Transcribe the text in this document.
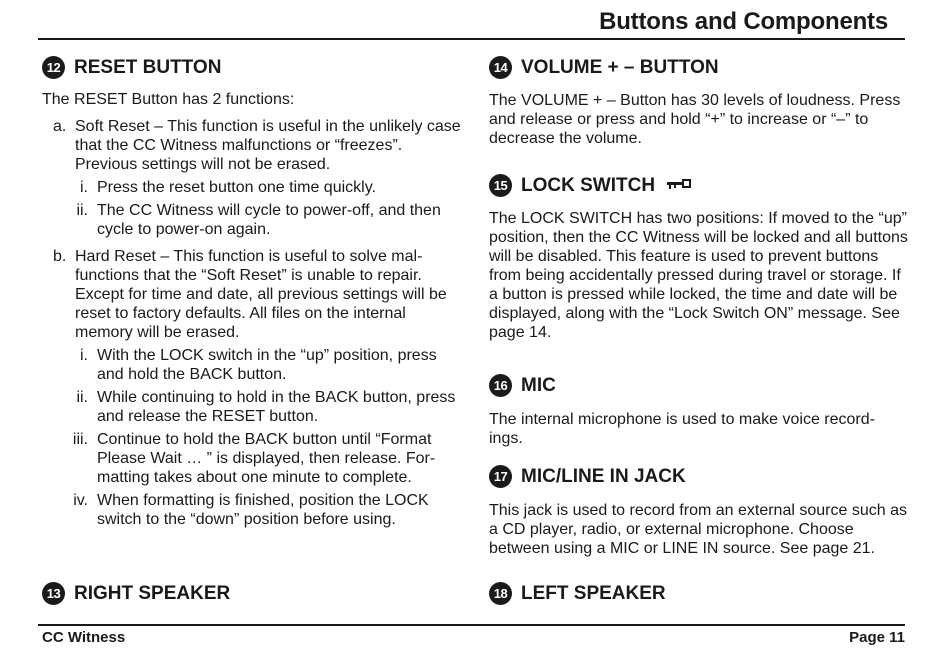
Buttons and Components
12 RESET BUTTON
The RESET Button has 2 functions:
a. Soft Reset – This function is useful in the unlikely case that the CC Witness malfunctions or “freezes”. Previous settings will not be erased.
i. Press the reset button one time quickly.
ii. The CC Witness will cycle to power-off, and then cycle to power-on again.
b. Hard Reset – This function is useful to solve mal-functions that the “Soft Reset” is unable to repair. Except for time and date, all previous settings will be reset to factory defaults. All files on the internal memory will be erased.
i. With the LOCK switch in the “up” position, press and hold the BACK button.
ii. While continuing to hold in the BACK button, press and release the RESET button.
iii. Continue to hold the BACK button until “Format Please Wait … ” is displayed, then release. For-matting takes about one minute to complete.
iv. When formatting is finished, position the LOCK switch to the “down” position before using.
13 RIGHT SPEAKER
14 VOLUME + – BUTTON

The VOLUME + – Button has 30 levels of loudness. Press and release or press and hold “+” to increase or “–” to decrease the volume.

15 LOCK SWITCH

The LOCK SWITCH has two positions: If moved to the “up” position, then the CC Witness will be locked and all buttons will be disabled. This feature is used to prevent buttons from being accidentally pressed during travel or storage. If a button is pressed while locked, the time and date will be displayed, along with the “Lock Switch ON” message. See page 14.

16 MIC

The internal microphone is used to make voice record-ings.

17 MIC/LINE IN JACK

This jack is used to record from an external source such as a CD player, radio, or external microphone. Choose between using a MIC or LINE IN source. See page 21.

18 LEFT SPEAKER
CC Witness	Page 11
